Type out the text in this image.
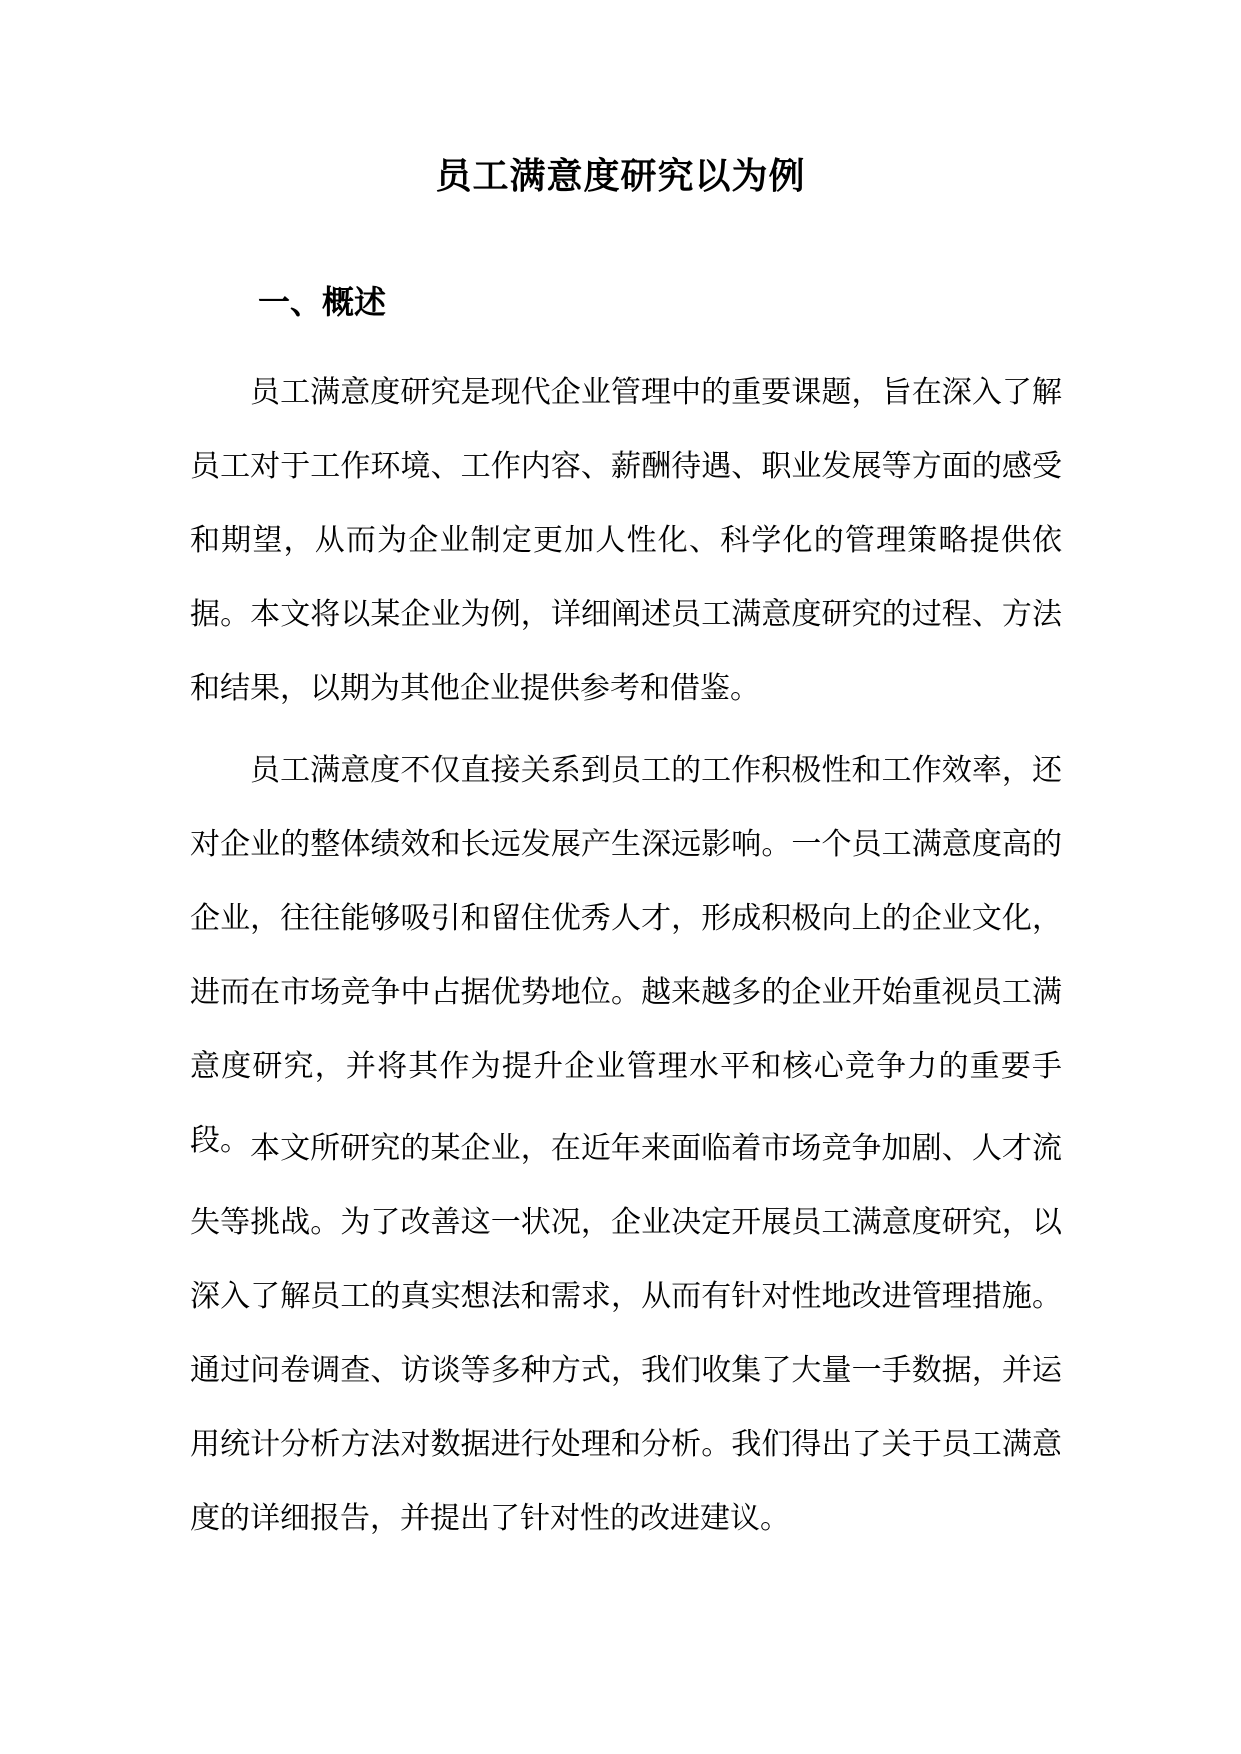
员工满意度研究以为例
一、概述

员工满意度研究是现代企业管理中的重要课题，旨在深入了解员工对于工作环境、工作内容、薪酬待遇、职业发展等方面的感受和期望，从而为企业制定更加人性化、科学化的管理策略提供依据。本文将以某企业为例，详细阐述员工满意度研究的过程、方法和结果，以期为其他企业提供参考和借鉴。

员工满意度不仅直接关系到员工的工作积极性和工作效率，还对企业的整体绩效和长远发展产生深远影响。一个员工满意度高的企业，往往能够吸引和留住优秀人才，形成积极向上的企业文化，进而在市场竞争中占据优势地位。越来越多的企业开始重视员工满意度研究，并将其作为提升企业管理水平和核心竞争力的重要手段。 本文所研究的某企业，在近年来面临着市场竞争加剧、人才流失等挑战。为了改善这一状况，企业决定开展员工满意度研究，以深入了解员工的真实想法和需求，从而有针对性地改进管理措施。通过问卷调查、访谈等多种方式，我们收集了大量一手数据，并运用统计分析方法对数据进行处理和分析。我们得出了关于员工满意度的详细报告，并提出了针对性的改进建议。
